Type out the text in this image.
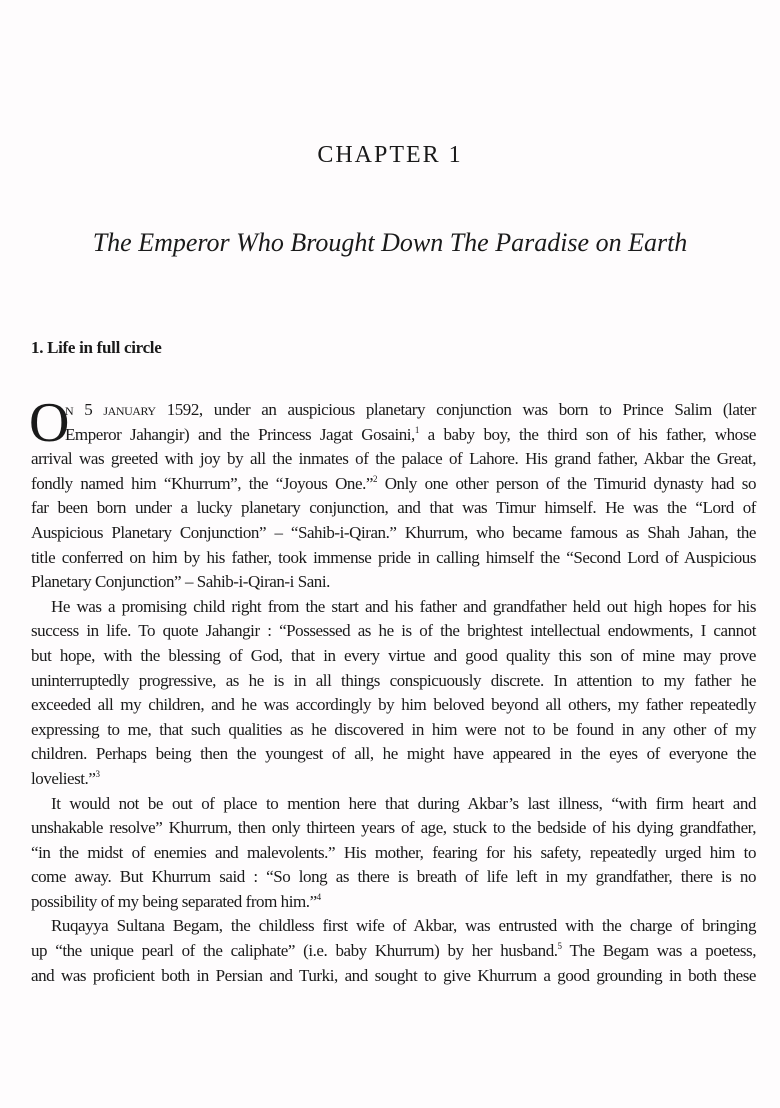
CHAPTER 1
The Emperor Who Brought Down The Paradise on Earth
1. Life in full circle
O
n 5 january 1592, under an auspicious planetary conjunction was born to Prince Salim (later
Emperor Jahangir) and the Princess Jagat Gosaini,$^1$ a baby boy, the third son of his father, whose
arrival was greeted with joy by all the inmates of the palace of Lahore. His grand father, Akbar the Great,
fondly named him “Khurrum”, the “Joyous One.”$^2$ Only one other person of the Timurid dynasty had so
far been born under a lucky planetary conjunction, and that was Timur himself. He was the “Lord of
Auspicious Planetary Conjunction” – “Sahib-i-Qiran.” Khurrum, who became famous as Shah Jahan, the
title conferred on him by his father, took immense pride in calling himself the “Second Lord of Auspicious
Planetary Conjunction” – Sahib-i-Qiran-i Sani.
He was a promising child right from the start and his father and grandfather held out high hopes for his
success in life. To quote Jahangir : “Possessed as he is of the brightest intellectual endowments, I cannot
but hope, with the blessing of God, that in every virtue and good quality this son of mine may prove
uninterruptedly progressive, as he is in all things conspicuously discrete. In attention to my father he
exceeded all my children, and he was accordingly by him beloved beyond all others, my father repeatedly
expressing to me, that such qualities as he discovered in him were not to be found in any other of my
children. Perhaps being then the youngest of all, he might have appeared in the eyes of everyone the
loveliest.”$^3$
It would not be out of place to mention here that during Akbar’s last illness, “with firm heart and
unshakable resolve” Khurrum, then only thirteen years of age, stuck to the bedside of his dying grandfather,
“in the midst of enemies and malevolents.” His mother, fearing for his safety, repeatedly urged him to
come away. But Khurrum said : “So long as there is breath of life left in my grandfather, there is no
possibility of my being separated from him.”$^4$
Ruqayya Sultana Begam, the childless first wife of Akbar, was entrusted with the charge of bringing
up “the unique pearl of the caliphate” (i.e. baby Khurrum) by her husband.$^5$ The Begam was a poetess,
and was proficient both in Persian and Turki, and sought to give Khurrum a good grounding in both these
